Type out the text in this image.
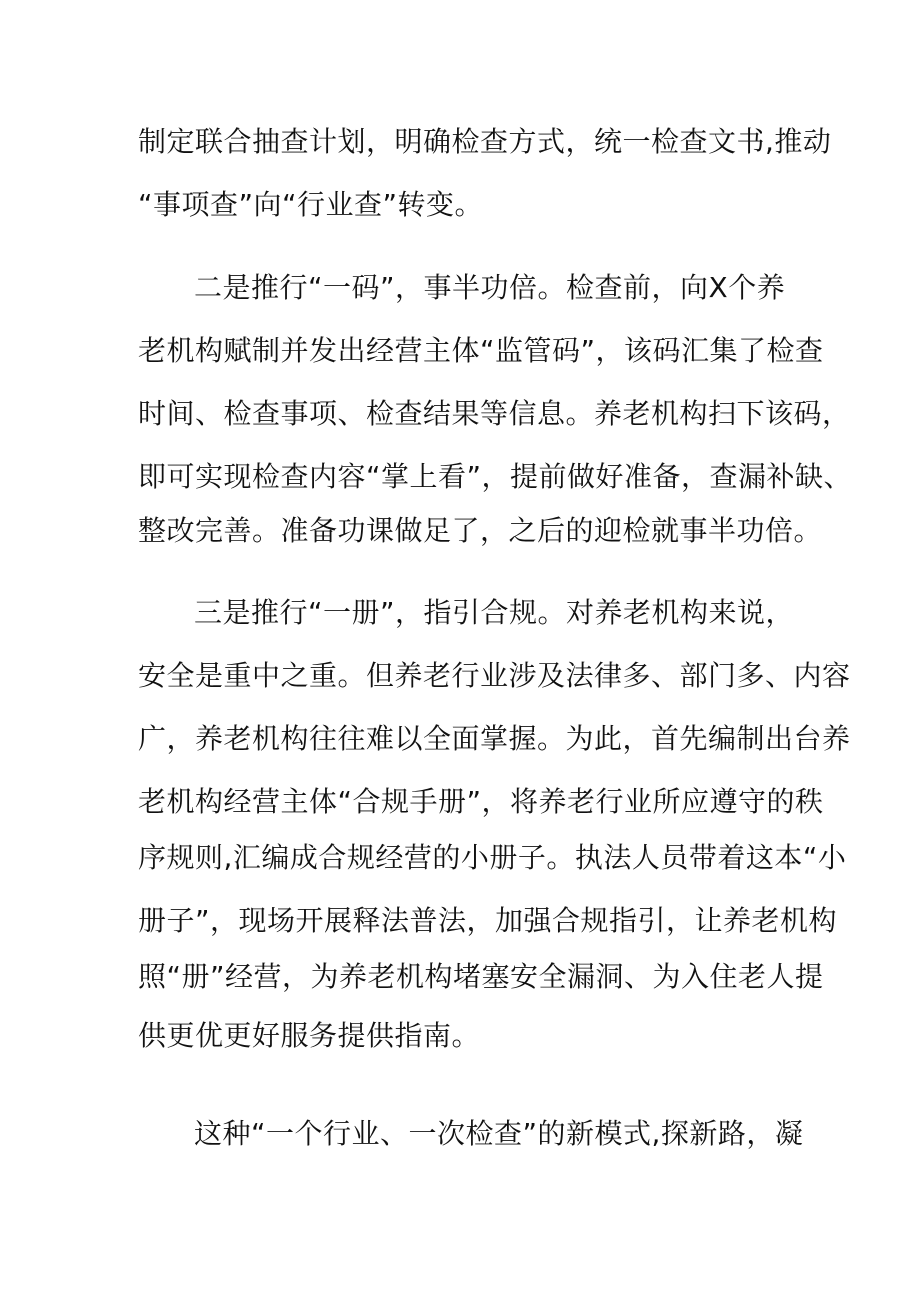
制定联合抽查计划，明确检查方式，统一检查文书,推动

“事项查”向“行业查”转变。

二是推行“一码”，事半功倍。检查前，向X个养

老机构赋制并发出经营主体“监管码”，该码汇集了检查

时间、检查事项、检查结果等信息。养老机构扫下该码，

即可实现检查内容“掌上看”，提前做好准备，查漏补缺、

整改完善。准备功课做足了，之后的迎检就事半功倍。

三是推行“一册”，指引合规。对养老机构来说，

安全是重中之重。但养老行业涉及法律多、部门多、内容

广，养老机构往往难以全面掌握。为此，首先编制出台养

老机构经营主体“合规手册”，将养老行业所应遵守的秩

序规则,汇编成合规经营的小册子。执法人员带着这本“小

册子”，现场开展释法普法，加强合规指引，让养老机构

照“册”经营，为养老机构堵塞安全漏洞、为入住老人提

供更优更好服务提供指南。

这种“一个行业、一次检查”的新模式,探新路，凝
